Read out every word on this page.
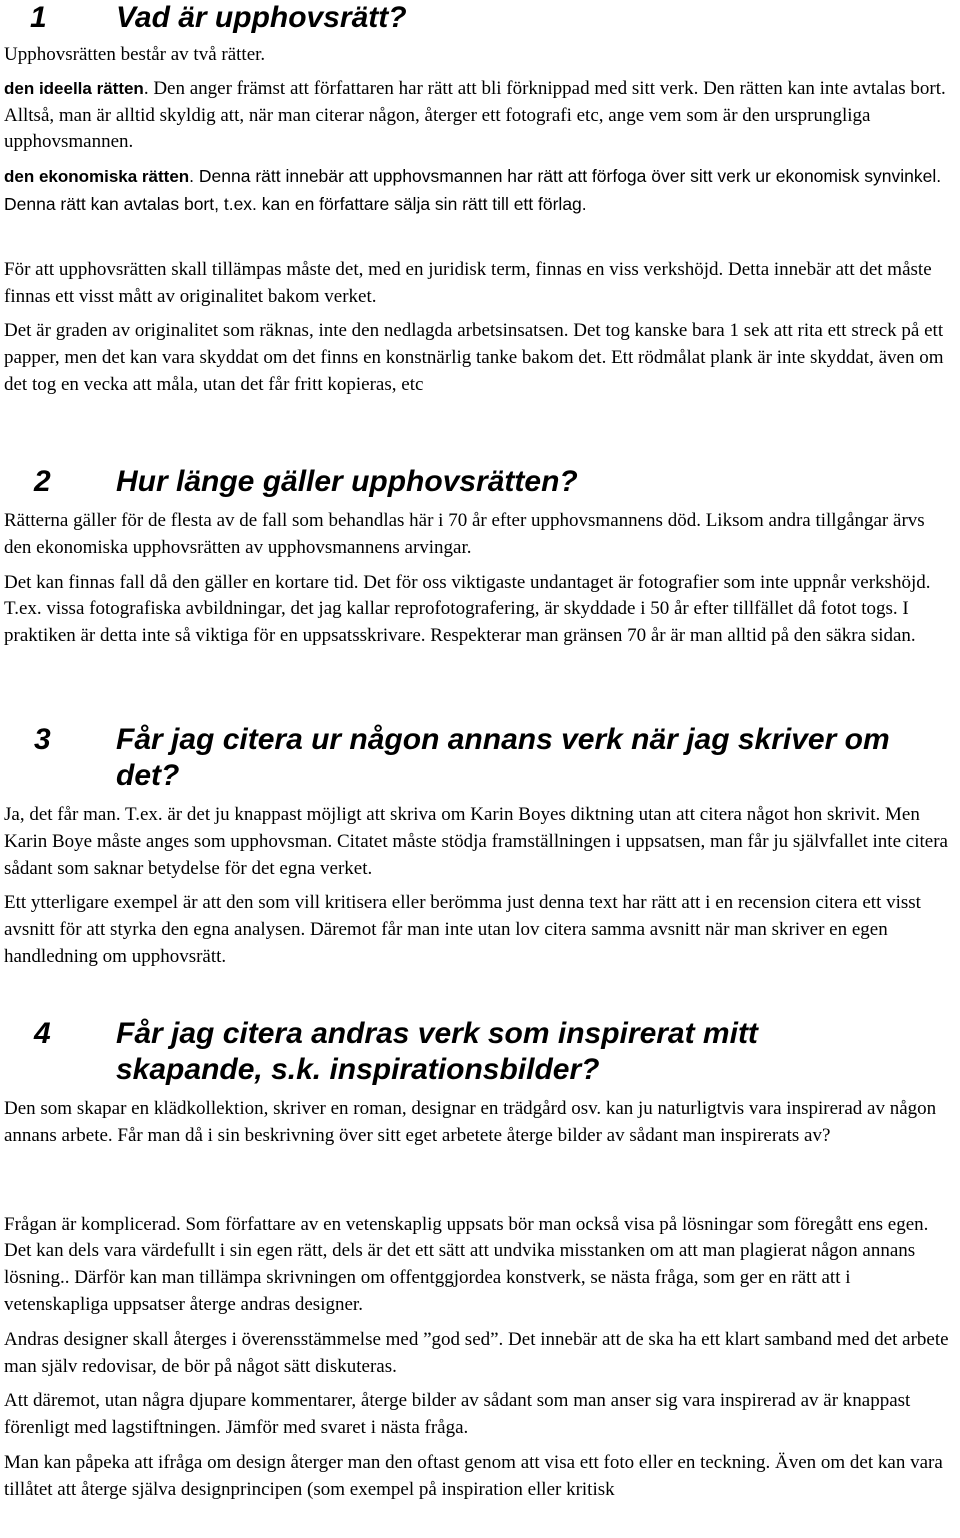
1 Vad är upphovsrätt?

Upphovsrätten består av två rätter.

den ideella rätten. Den anger främst att författaren har rätt att bli förknippad med sitt verk. Den rätten kan inte avtalas bort. Alltså, man är alltid skyldig att, när man citerar någon, återger ett fotografi etc, ange vem som är den ursprungliga upphovsmannen.

den ekonomiska rätten. Denna rätt innebär att upphovsmannen har rätt att förfoga över sitt verk ur ekonomisk synvinkel. Denna rätt kan avtalas bort, t.ex. kan en författare sälja sin rätt till ett förlag.

För att upphovsrätten skall tillämpas måste det, med en juridisk term, finnas en viss verkshöjd. Detta innebär att det måste finnas ett visst mått av originalitet bakom verket.

Det är graden av originalitet som räknas, inte den nedlagda arbetsinsatsen. Det tog kanske bara 1 sek att rita ett streck på ett papper, men det kan vara skyddat om det finns en konstnärlig tanke bakom det. Ett rödmålat plank är inte skyddat, även om det tog en vecka att måla, utan det får fritt kopieras, etc

2 Hur länge gäller upphovsrätten?

Rätterna gäller för de flesta av de fall som behandlas här i 70 år efter upphovsmannens död. Liksom andra tillgångar ärvs den ekonomiska upphovsrätten av upphovsmannens arvingar.

Det kan finnas fall då den gäller en kortare tid. Det för oss viktigaste undantaget är fotografier som inte uppnår verkshöjd. T.ex. vissa fotografiska avbildningar, det jag kallar reprofotografering, är skyddade i 50 år efter tillfället då fotot togs. I praktiken är detta inte så viktiga för en uppsatsskrivare. Respekterar man gränsen 70 år är man alltid på den säkra sidan.

3 Får jag citera ur någon annans verk när jag skriver om
det?

Ja, det får man. T.ex. är det ju knappast möjligt att skriva om Karin Boyes diktning utan att citera något hon skrivit. Men Karin Boye måste anges som upphovsman. Citatet måste stödja framställningen i uppsatsen, man får ju självfallet inte citera sådant som saknar betydelse för det egna verket.

Ett ytterligare exempel är att den som vill kritisera eller berömma just denna text har rätt att i en recension citera ett visst avsnitt för att styrka den egna analysen. Däremot får man inte utan lov citera samma avsnitt när man skriver en egen handledning om upphovsrätt.

4 Får jag citera andras verk som inspirerat mitt
skapande, s.k. inspirationsbilder?

Den som skapar en klädkollektion, skriver en roman, designar en trädgård osv. kan ju naturligtvis vara inspirerad av någon annans arbete. Får man då i sin beskrivning över sitt eget arbetete återge bilder av sådant man inspirerats av?

Frågan är komplicerad. Som författare av en vetenskaplig uppsats bör man också visa på lösningar som föregått ens egen. Det kan dels vara värdefullt i sin egen rätt, dels är det ett sätt att undvika misstanken om att man plagierat någon annans lösning.. Därför kan man tillämpa skrivningen om offentggjordea konstverk, se nästa fråga, som ger en rätt att i vetenskapliga uppsatser återge andras designer.

Andras designer skall återges i överensstämmelse med ”god sed”. Det innebär att de ska ha ett klart samband med det arbete man själv redovisar, de bör på något sätt diskuteras.

Att däremot, utan några djupare kommentarer, återge bilder av sådant som man anser sig vara inspirerad av är knappast förenligt med lagstiftningen. Jämför med svaret i nästa fråga.

Man kan påpeka att ifråga om design återger man den oftast genom att visa ett foto eller en teckning. Även om det kan vara tillåtet att återge själva designprincipen (som exempel på inspiration eller kritisk
